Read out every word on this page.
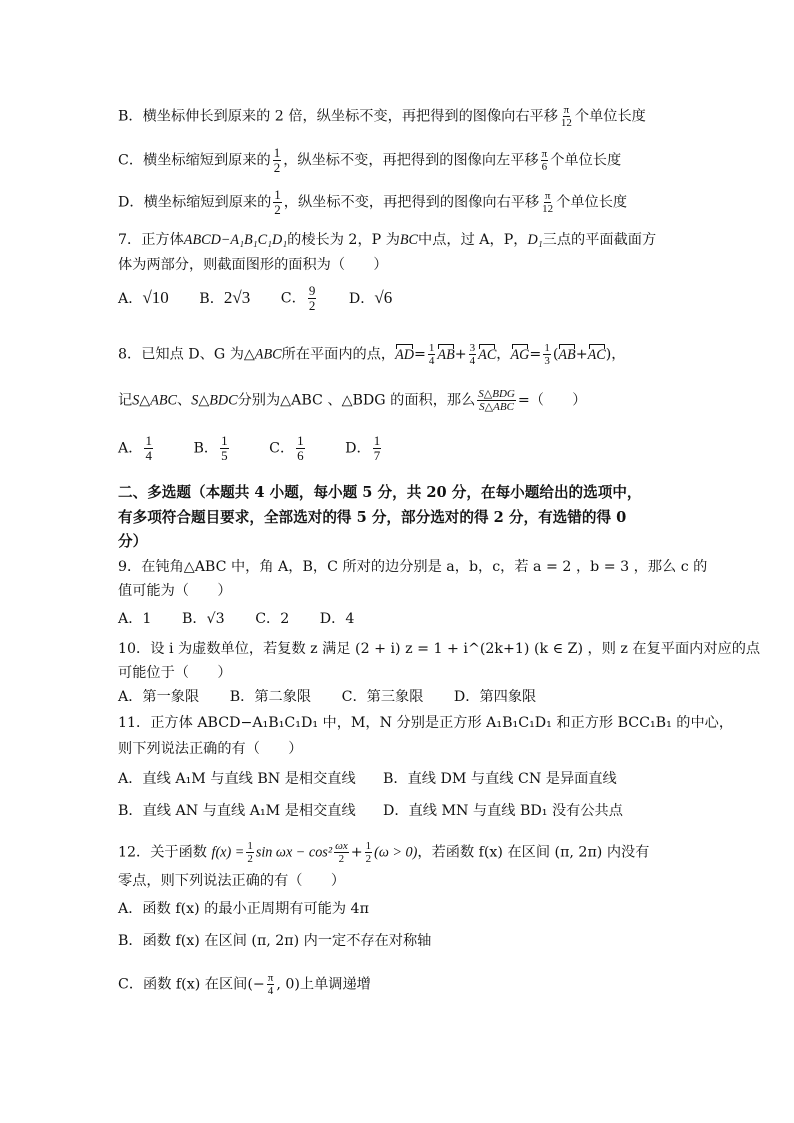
B．横坐标伸长到原来的 2 倍，纵坐标不变，再把得到的图像向右平移 $\frac{\pi}{12}$ 个单位长度
C．横坐标缩短到原来的 $\frac{1}{2}$ ，纵坐标不变，再把得到的图像向左平移 $\frac{\pi}{6}$ 个单位长度
D．横坐标缩短到原来的 $\frac{1}{2}$ ，纵坐标不变，再把得到的图像向右平移 $\frac{\pi}{12}$ 个单位长度
7．正方体ABCD−A₁B₁C₁D₁的棱长为 2，P 为BC中点，过 A，P，D₁三点的平面截面方
体为两部分，则截面图形的面积为（　　）
A．√10 B．2√3 C． $\frac{9}{2}$ D．√6
8．已知点 D、G 为△ABC所在平面内的点，$AD= \frac{1}{4} AB+ \frac{3}{4}$ AC，$AG= \frac{1}{3} (AB+AC)$，
记S△ABC、S△BDC分别为△ABC 、△BDG 的面积，那么 $\frac{\text{S△BDG}}{\text{S△ABC}}$ =（　　）
A． $\frac{1}{4}$	B． $\frac{1}{5}$	C． $\frac{1}{6}$	D． $\frac{1}{7}$
二、多选题（本题共 4 小题，每小题 5 分，共 20 分，在每小题给出的选项中，
有多项符合题目要求，全部选对的得 5 分，部分选对的得 2 分，有选错的得 0
分）
9．在钝角△ABC 中，角 A，B，C 所对的边分别是 a，b，c，若 a = 2 ，b = 3 ，那么 c 的
值可能为（　　）
A．1 B．√3 C．2 D．4
10．设 i 为虚数单位，若复数 z 满足 (2 + i) z = 1 + i^(2k+1) (k ∈ Z) ，则 z 在复平面内对应的点
可能位于（　　）
A．第一象限 B．第二象限 C．第三象限 D．第四象限
11．正方体 ABCD−A₁B₁C₁D₁ 中，M，N 分别是正方形 A₁B₁C₁D₁ 和正方形 BCC₁B₁ 的中心，
则下列说法正确的有（　　）
A．直线 A₁M 与直线 BN 是相交直线 B．直线 DM 与直线 CN 是异面直线
B．直线 AN 与直线 A₁M 是相交直线 D．直线 MN 与直线 BD₁ 没有公共点
12．关于函数 $f(x) = \frac{1}{2}$ $\sin \omega x - \cos^2 \frac{\omega x}{2} + \frac{1}{2} (\omega > 0)$，若函数 f(x) 在区间 (π, 2π) 内没有
零点，则下列说法正确的有（　　）
A．函数 f(x) 的最小正周期有可能为 4π
B．函数 f(x) 在区间 (π, 2π) 内一定不存在对称轴
C．函数 f(x) 在区间(− $\frac{\pi}{4}$ , 0)上单调递增
